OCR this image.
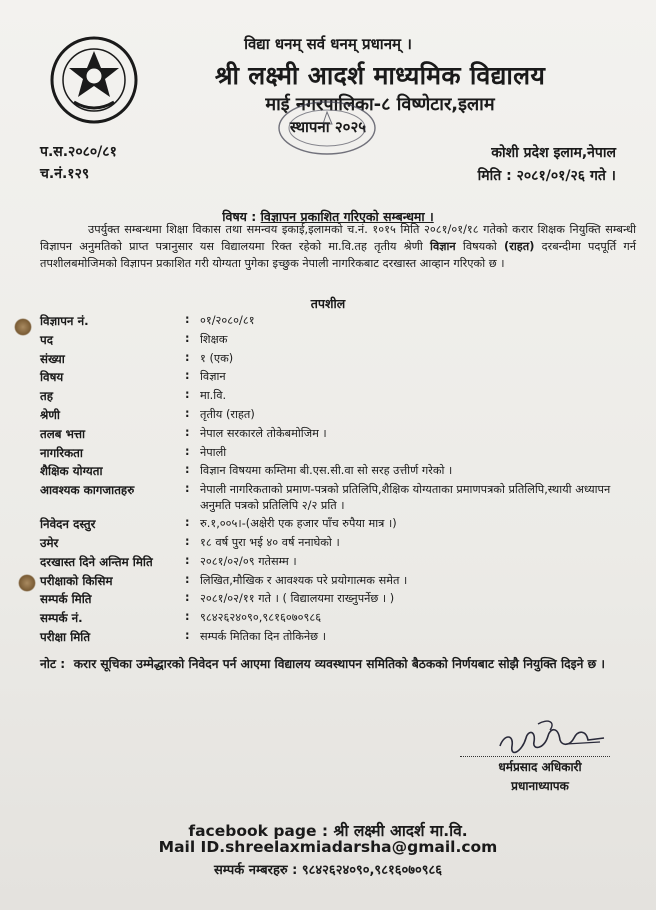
विद्या धनम् सर्व धनम् प्रधानम् ।
श्री लक्ष्मी आदर्श माध्यमिक विद्यालय
माई नगरपालिका-८ विष्णेटार,इलाम
स्थापना २०२५
प.स.२०८०/८१
च.नं.१२९
कोशी प्रदेश इलाम,नेपाल
मिति : २०८१/०१/२६ गते ।
विषय : विज्ञापन प्रकाशित गरिएको सम्बन्धमा ।
उपर्युक्त सम्बन्धमा शिक्षा विकास तथा समन्वय इकाई,इलामको च.नं. १०१५ मिति २०८१/०१/१८ गतेको करार शिक्षक नियुक्ति सम्बन्धी विज्ञापन अनुमतिको प्राप्त पत्रानुसार यस विद्यालयमा रिक्त रहेको मा.वि.तह तृतीय श्रेणी विज्ञान विषयको (राहत) दरबन्दीमा पदपूर्ति गर्न तपशीलबमोजिमको विज्ञापन प्रकाशित गरी योग्यता पुगेका इच्छुक नेपाली नागरिकबाट दरखास्त आव्हान गरिएको छ ।
तपशील
विज्ञापन नं.	: ०१/२०८०/८१
पद	: शिक्षक
संख्या	: १ (एक)
विषय	: विज्ञान
तह	: मा.वि.
श्रेणी	: तृतीय (राहत)
तलब भत्ता	: नेपाल सरकारले तोकेबमोजिम ।
नागरिकता	: नेपाली
शैक्षिक योग्यता	: विज्ञान विषयमा कम्तिमा बी.एस.सी.वा सो सरह उत्तीर्ण गरेको ।
आवश्यक कागजातहरु	: नेपाली नागरिकताको प्रमाण-पत्रको प्रतिलिपि,शैक्षिक योग्यताका प्रमाणपत्रको प्रतिलिपि,स्थायी अध्यापन अनुमति पत्रको प्रतिलिपि २/२ प्रति ।
निवेदन दस्तुर	: रु.१,००५।-(अक्षेरी एक हजार पाँच रुपैया मात्र ।)
उमेर	: १८ वर्ष पुरा भई ४० वर्ष ननाघेको ।
दरखास्त दिने अन्तिम मिति	: २०८१/०२/०९ गतेसम्म ।
परीक्षाको किसिम	: लिखित,मौखिक र आवश्यक परे प्रयोगात्मक समेत ।
सम्पर्क मिति	: २०८१/०२/११ गते । ( विद्यालयमा राख्नुपर्नेछ । )
सम्पर्क नं.	: ९८४२६२४०९०,९८१६०७०९८६
परीक्षा मिति	: सम्पर्क मितिका दिन तोकिनेछ ।
नोट : करार सूचिका उम्मेद्धारको निवेदन पर्न आएमा विद्यालय व्यवस्थापन समितिको बैठकको निर्णयबाट सोझै नियुक्ति दिइने छ ।
धर्मप्रसाद अधिकारी
प्रधानाध्यापक
facebook page : श्री लक्ष्मी आदर्श मा.वि.
Mail ID.shreelaxmiadarsha@gmail.com
सम्पर्क नम्बरहरु : ९८४२६२४०९०,९८१६०७०९८६
